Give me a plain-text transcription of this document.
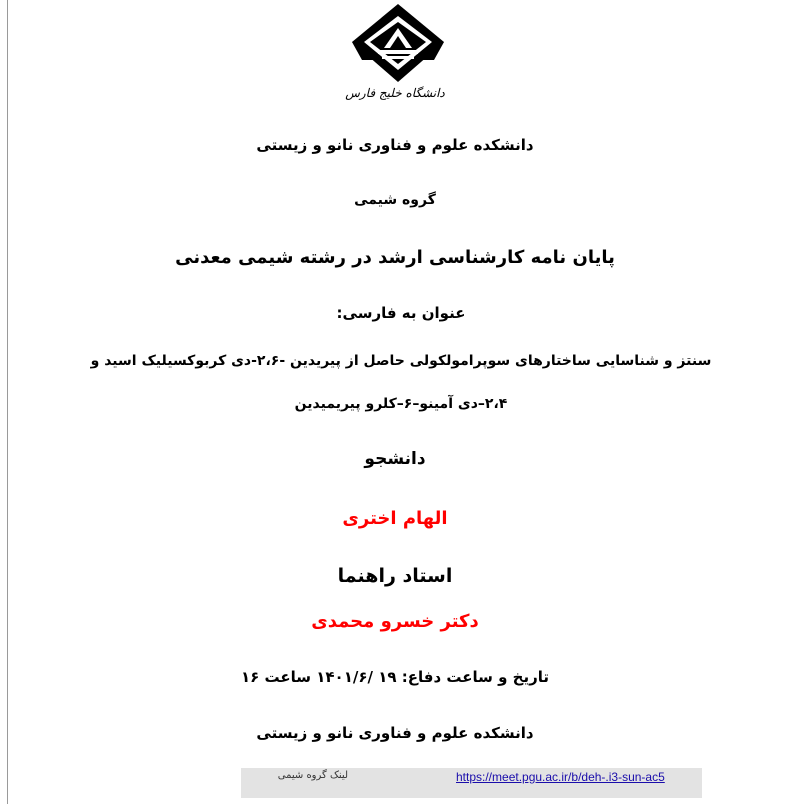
دانشگاه خلیج فارس
دانشکده علوم و فناوری نانو و زیستی
گروه شیمی
پایان نامه کارشناسی ارشد در رشته شیمی معدنی
عنوان به فارسی:
سنتز و شناسایی ساختارهای سوپرامولکولی حاصل از پیریدین -۲،۶-دی کربوکسیلیک اسید و
۲،۴–دی آمینو–۶–کلرو پیریمیدین
دانشجو
الهام اختری
استاد راهنما
دکتر خسرو محمدی
تاریخ و ساعت دفاع: ۱۹ /۱۴۰۱/۶ ساعت ۱۶
دانشکده علوم و فناوری نانو و زیستی
لینک گروه شیمی	https://meet.pgu.ac.ir/b/deh-.i3-sun-ac5
